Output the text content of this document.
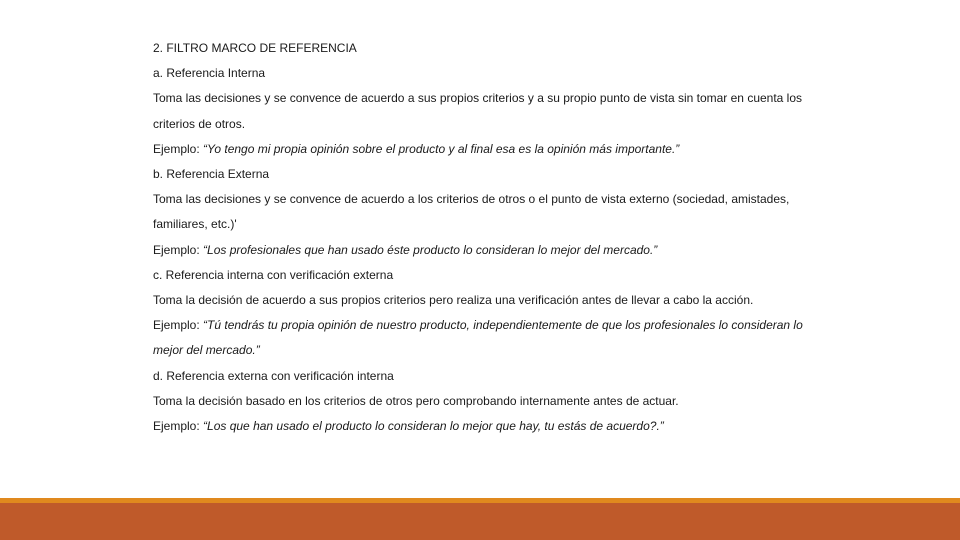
2. FILTRO MARCO DE REFERENCIA
a. Referencia Interna
Toma las decisiones y se convence de acuerdo a sus propios criterios y a su propio punto de vista sin tomar en cuenta los criterios de otros.
Ejemplo: “Yo tengo mi propia opinión sobre el producto y al final esa es la opinión más importante.”
b. Referencia Externa
Toma las decisiones y se convence de acuerdo a los criterios de otros o el punto de vista externo (sociedad, amistades, familiares, etc.)'
Ejemplo: “Los profesionales que han usado éste producto lo consideran lo mejor del mercado.”
c. Referencia interna con verificación externa
Toma la decisión de acuerdo a sus propios criterios pero realiza una verificación antes de llevar a cabo la acción.
Ejemplo: “Tú tendrás tu propia opinión de nuestro producto, independientemente de que los profesionales lo consideran lo mejor del mercado.”
d. Referencia externa con verificación interna
Toma la decisión basado en los criterios de otros pero comprobando internamente antes de actuar.
Ejemplo: “Los que han usado el producto lo consideran lo mejor que hay, tu estás de acuerdo?.”
